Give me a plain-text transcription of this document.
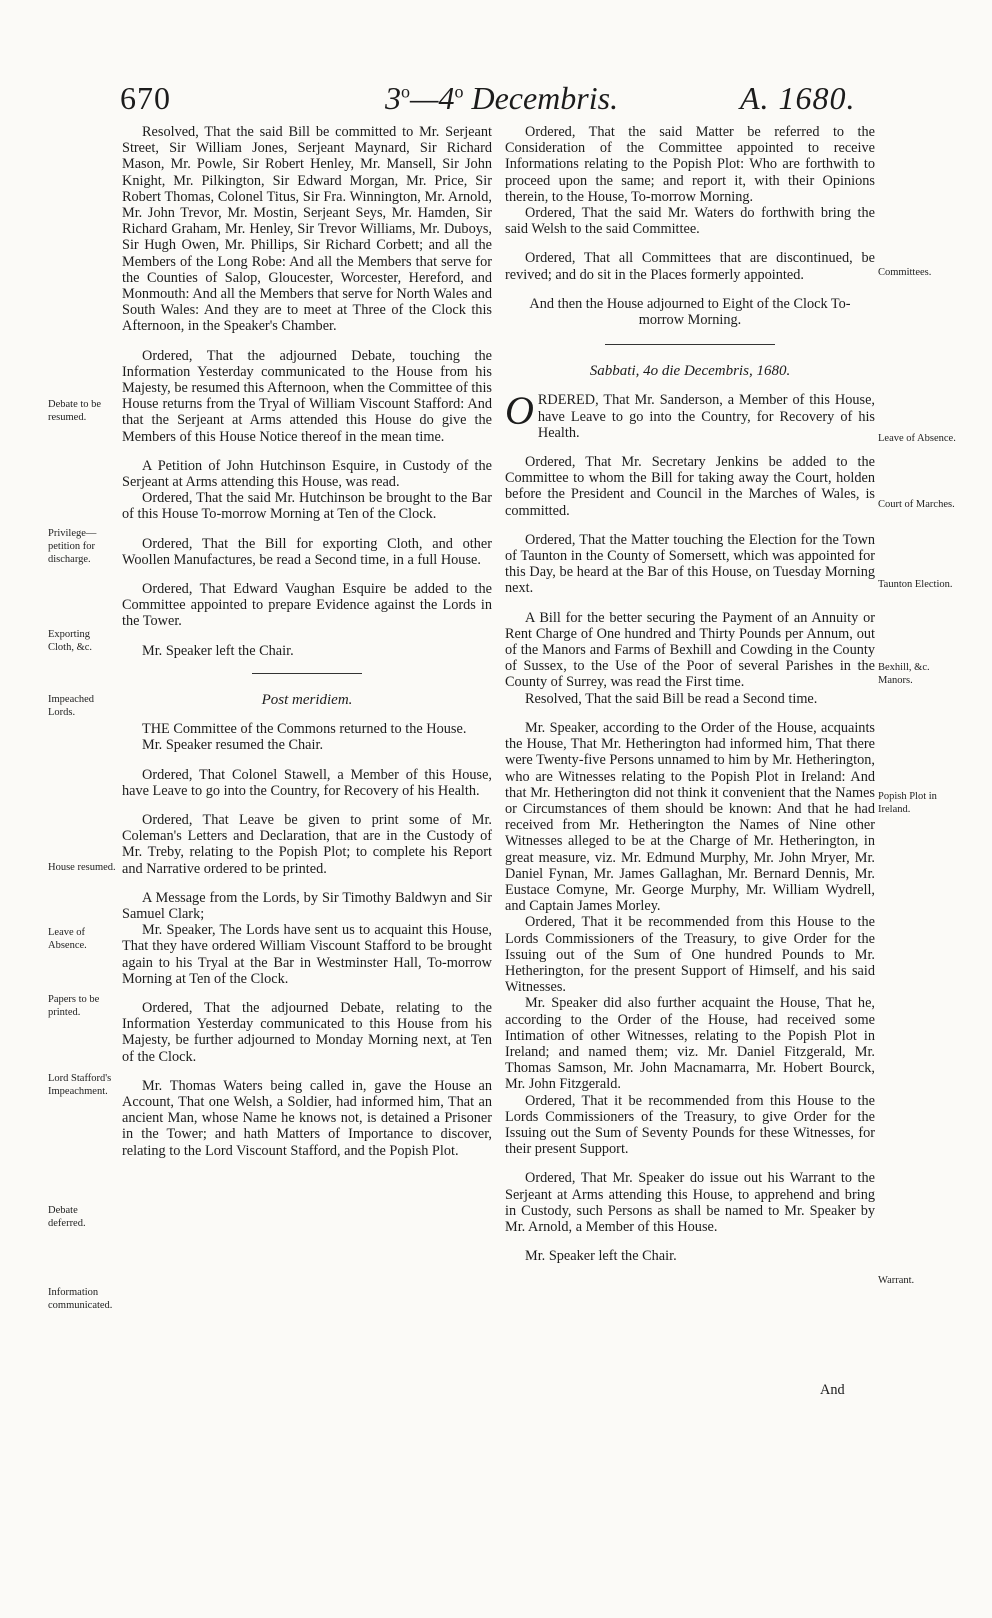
670	3$^o$—4$^o$ Decembris.	A. 1680.

Resolved, That the said Bill be committed to Mr. Serjeant Street, Sir William Jones, Serjeant Maynard, Sir Richard Mason, Mr. Powle, Sir Robert Henley, Mr. Mansell, Sir John Knight, Mr. Pilkington, Sir Edward Morgan, Mr. Price, Sir Robert Thomas, Colonel Titus, Sir Fra. Winnington, Mr. Arnold, Mr. John Trevor, Mr. Mostin, Serjeant Seys, Mr. Hamden, Sir Richard Graham, Mr. Henley, Sir Trevor Williams, Mr. Duboys, Sir Hugh Owen, Mr. Phillips, Sir Richard Corbett; and all the Members of the Long Robe: And all the Members that serve for the Counties of Salop, Gloucester, Worcester, Hereford, and Monmouth: And all the Members that serve for North Wales and South Wales: And they are to meet at Three of the Clock this Afternoon, in the Speaker's Chamber.

Ordered, That the adjourned Debate, touching the Information Yesterday communicated to the House from his Majesty, be resumed this Afternoon, when the Committee of this House returns from the Tryal of William Viscount Stafford: And that the Serjeant at Arms attended this House do give the Members of this House Notice thereof in the mean time.

A Petition of John Hutchinson Esquire, in Custody of the Serjeant at Arms attending this House, was read.

Ordered, That the said Mr. Hutchinson be brought to the Bar of this House To-morrow Morning at Ten of the Clock.

Ordered, That the Bill for exporting Cloth, and other Woollen Manufactures, be read a Second time, in a full House.

Ordered, That Edward Vaughan Esquire be added to the Committee appointed to prepare Evidence against the Lords in the Tower.

Mr. Speaker left the Chair.

Post meridiem.

THE Committee of the Commons returned to the House.

Mr. Speaker resumed the Chair.

Ordered, That Colonel Stawell, a Member of this House, have Leave to go into the Country, for Recovery of his Health.

Ordered, That Leave be given to print some of Mr. Coleman's Letters and Declaration, that are in the Custody of Mr. Treby, relating to the Popish Plot; to complete his Report and Narrative ordered to be printed.

A Message from the Lords, by Sir Timothy Baldwyn and Sir Samuel Clark;

Mr. Speaker, The Lords have sent us to acquaint this House, That they have ordered William Viscount Stafford to be brought again to his Tryal at the Bar in Westminster Hall, To-morrow Morning at Ten of the Clock.

Ordered, That the adjourned Debate, relating to the Information Yesterday communicated to this House from his Majesty, be further adjourned to Monday Morning next, at Ten of the Clock.

Mr. Thomas Waters being called in, gave the House an Account, That one Welsh, a Soldier, had informed him, That an ancient Man, whose Name he knows not, is detained a Prisoner in the Tower; and hath Matters of Importance to discover, relating to the Lord Viscount Stafford, and the Popish Plot.

Ordered, That the said Matter be referred to the Consideration of the Committee appointed to receive Informations relating to the Popish Plot: Who are forthwith to proceed upon the same; and report it, with their Opinions therein, to the House, To-morrow Morning.

Ordered, That the said Mr. Waters do forthwith bring the said Welsh to the said Committee.

Ordered, That all Committees that are discontinued, be revived; and do sit in the Places formerly appointed.

And then the House adjourned to Eight of the Clock To-morrow Morning.

Sabbati, 4o die Decembris, 1680.

ORDERED, That Mr. Sanderson, a Member of this House, have Leave to go into the Country, for Recovery of his Health.

Ordered, That Mr. Secretary Jenkins be added to the Committee to whom the Bill for taking away the Court, holden before the President and Council in the Marches of Wales, is committed.

Ordered, That the Matter touching the Election for the Town of Taunton in the County of Somersett, which was appointed for this Day, be heard at the Bar of this House, on Tuesday Morning next.

A Bill for the better securing the Payment of an Annuity or Rent Charge of One hundred and Thirty Pounds per Annum, out of the Manors and Farms of Bexhill and Cowding in the County of Sussex, to the Use of the Poor of several Parishes in the County of Surrey, was read the First time.

Resolved, That the said Bill be read a Second time.

Mr. Speaker, according to the Order of the House, acquaints the House, That Mr. Hetherington had informed him, That there were Twenty-five Persons unnamed to him by Mr. Hetherington, who are Witnesses relating to the Popish Plot in Ireland: And that Mr. Hetherington did not think it convenient that the Names or Circumstances of them should be known: And that he had received from Mr. Hetherington the Names of Nine other Witnesses alleged to be at the Charge of Mr. Hetherington, in great measure, viz. Mr. Edmund Murphy, Mr. John Mryer, Mr. Daniel Fynan, Mr. James Gallaghan, Mr. Bernard Dennis, Mr. Eustace Comyne, Mr. George Murphy, Mr. William Wydrell, and Captain James Morley.

Ordered, That it be recommended from this House to the Lords Commissioners of the Treasury, to give Order for the Issuing out of the Sum of One hundred Pounds to Mr. Hetherington, for the present Support of Himself, and his said Witnesses.

Mr. Speaker did also further acquaint the House, That he, according to the Order of the House, had received some Intimation of other Witnesses, relating to the Popish Plot in Ireland; and named them; viz. Mr. Daniel Fitzgerald, Mr. Thomas Samson, Mr. John Macnamarra, Mr. Hobert Bourck, Mr. John Fitzgerald.

Ordered, That it be recommended from this House to the Lords Commissioners of the Treasury, to give Order for the Issuing out the Sum of Seventy Pounds for these Witnesses, for their present Support.

Ordered, That Mr. Speaker do issue out his Warrant to the Serjeant at Arms attending this House, to apprehend and bring in Custody, such Persons as shall be named to Mr. Speaker by Mr. Arnold, a Member of this House.

Mr. Speaker left the Chair.

And
Debate to be resumed.
Privilege—petition for discharge.
Exporting Cloth, &c.
Impeached Lords.
House resumed.
Leave of Absence.
Papers to be printed.
Lord Stafford's Impeachment.
Debate deferred.
Information communicated.
Committees.
Leave of Absence.
Court of Marches.
Taunton Election.
Bexhill, &c. Manors.
Popish Plot in Ireland.
Warrant.
